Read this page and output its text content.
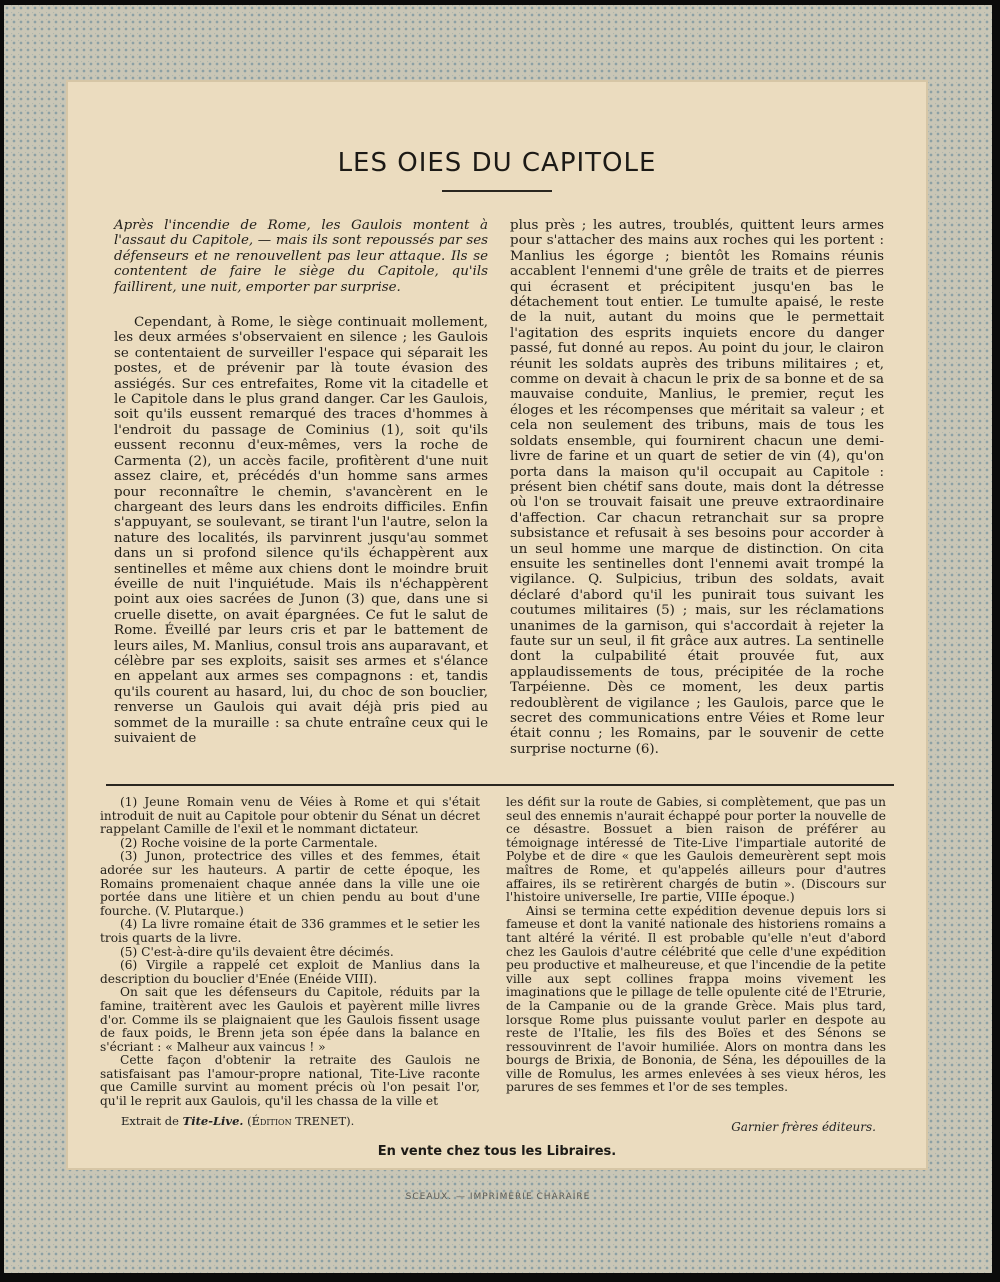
LES OIES DU CAPITOLE

Après l'incendie de Rome, les Gaulois montent à l'assaut du Capitole, — mais ils sont repoussés par ses défenseurs et ne renouvellent pas leur attaque. Ils se contentent de faire le siège du Capitole, qu'ils faillirent, une nuit, emporter par surprise.

Cependant, à Rome, le siège continuait mollement, les deux armées s'observaient en silence ; les Gaulois se contentaient de surveiller l'espace qui séparait les postes, et de prévenir par là toute évasion des assiégés. Sur ces entrefaites, Rome vit la citadelle et le Capitole dans le plus grand danger. Car les Gaulois, soit qu'ils eussent remarqué des traces d'hommes à l'endroit du passage de Cominius (1), soit qu'ils eussent reconnu d'eux-mêmes, vers la roche de Carmenta (2), un accès facile, profitèrent d'une nuit assez claire, et, précédés d'un homme sans armes pour reconnaître le chemin, s'avancèrent en le chargeant des leurs dans les endroits difficiles. Enfin s'appuyant, se soulevant, se tirant l'un l'autre, selon la nature des localités, ils parvinrent jusqu'au sommet dans un si profond silence qu'ils échappèrent aux sentinelles et même aux chiens dont le moindre bruit éveille de nuit l'inquiétude. Mais ils n'échappèrent point aux oies sacrées de Junon (3) que, dans une si cruelle disette, on avait épargnées. Ce fut le salut de Rome. Éveillé par leurs cris et par le battement de leurs ailes, M. Manlius, consul trois ans auparavant, et célèbre par ses exploits, saisit ses armes et s'élance en appelant aux armes ses compagnons : et, tandis qu'ils courent au hasard, lui, du choc de son bouclier, renverse un Gaulois qui avait déjà pris pied au sommet de la muraille : sa chute entraîne ceux qui le suivaient de

plus près ; les autres, troublés, quittent leurs armes pour s'attacher des mains aux roches qui les portent : Manlius les égorge ; bientôt les Romains réunis accablent l'ennemi d'une grêle de traits et de pierres qui écrasent et précipitent jusqu'en bas le détachement tout entier. Le tumulte apaisé, le reste de la nuit, autant du moins que le permettait l'agitation des esprits inquiets encore du danger passé, fut donné au repos. Au point du jour, le clairon réunit les soldats auprès des tribuns militaires ; et, comme on devait à chacun le prix de sa bonne et de sa mauvaise conduite, Manlius, le premier, reçut les éloges et les récompenses que méritait sa valeur ; et cela non seulement des tribuns, mais de tous les soldats ensemble, qui fournirent chacun une demi-livre de farine et un quart de setier de vin (4), qu'on porta dans la maison qu'il occupait au Capitole : présent bien chétif sans doute, mais dont la détresse où l'on se trouvait faisait une preuve extraordinaire d'affection. Car chacun retranchait sur sa propre subsistance et refusait à ses besoins pour accorder à un seul homme une marque de distinction. On cita ensuite les sentinelles dont l'ennemi avait trompé la vigilance. Q. Sulpicius, tribun des soldats, avait déclaré d'abord qu'il les punirait tous suivant les coutumes militaires (5) ; mais, sur les réclamations unanimes de la garnison, qui s'accordait à rejeter la faute sur un seul, il fit grâce aux autres. La sentinelle dont la culpabilité était prouvée fut, aux applaudissements de tous, précipitée de la roche Tarpéienne. Dès ce moment, les deux partis redoublèrent de vigilance ; les Gaulois, parce que le secret des communications entre Véies et Rome leur était connu ; les Romains, par le souvenir de cette surprise nocturne (6).

(1) Jeune Romain venu de Véies à Rome et qui s'était introduit de nuit au Capitole pour obtenir du Sénat un décret rappelant Camille de l'exil et le nommant dictateur.

(2) Roche voisine de la porte Carmentale.

(3) Junon, protectrice des villes et des femmes, était adorée sur les hauteurs. A partir de cette époque, les Romains promenaient chaque année dans la ville une oie portée dans une litière et un chien pendu au bout d'une fourche. (V. Plutarque.)

(4) La livre romaine était de 336 grammes et le setier les trois quarts de la livre.

(5) C'est-à-dire qu'ils devaient être décimés.

(6) Virgile a rappelé cet exploit de Manlius dans la description du bouclier d'Enée (Enéide VIII).

On sait que les défenseurs du Capitole, réduits par la famine, traitèrent avec les Gaulois et payèrent mille livres d'or. Comme ils se plaignaient que les Gaulois fissent usage de faux poids, le Brenn jeta son épée dans la balance en s'écriant : « Malheur aux vaincus ! »

Cette façon d'obtenir la retraite des Gaulois ne satisfaisant pas l'amour-propre national, Tite-Live raconte que Camille survint au moment précis où l'on pesait l'or, qu'il le reprit aux Gaulois, qu'il les chassa de la ville et

les défit sur la route de Gabies, si complètement, que pas un seul des ennemis n'aurait échappé pour porter la nouvelle de ce désastre. Bossuet a bien raison de préférer au témoignage intéressé de Tite-Live l'impartiale autorité de Polybe et de dire « que les Gaulois demeurèrent sept mois maîtres de Rome, et qu'appelés ailleurs pour d'autres affaires, ils se retirèrent chargés de butin ». (Discours sur l'histoire universelle, Ire partie, VIIIe époque.)

Ainsi se termina cette expédition devenue depuis lors si fameuse et dont la vanité nationale des historiens romains a tant altéré la vérité. Il est probable qu'elle n'eut d'abord chez les Gaulois d'autre célébrité que celle d'une expédition peu productive et malheureuse, et que l'incendie de la petite ville aux sept collines frappa moins vivement les imaginations que le pillage de telle opulente cité de l'Etrurie, de la Campanie ou de la grande Grèce. Mais plus tard, lorsque Rome plus puissante voulut parler en despote au reste de l'Italie, les fils des Boïes et des Sénons se ressouvinrent de l'avoir humiliée. Alors on montra dans les bourgs de Brixia, de Bononia, de Séna, les dépouilles de la ville de Romulus, les armes enlevées à ses vieux héros, les parures de ses femmes et l'or de ses temples.

Extrait de Tite-Live. (Édition TRENET).	Garnier frères éditeurs.
En vente chez tous les Libraires.
SCEAUX. — IMPRIMERIE CHARAIRE
